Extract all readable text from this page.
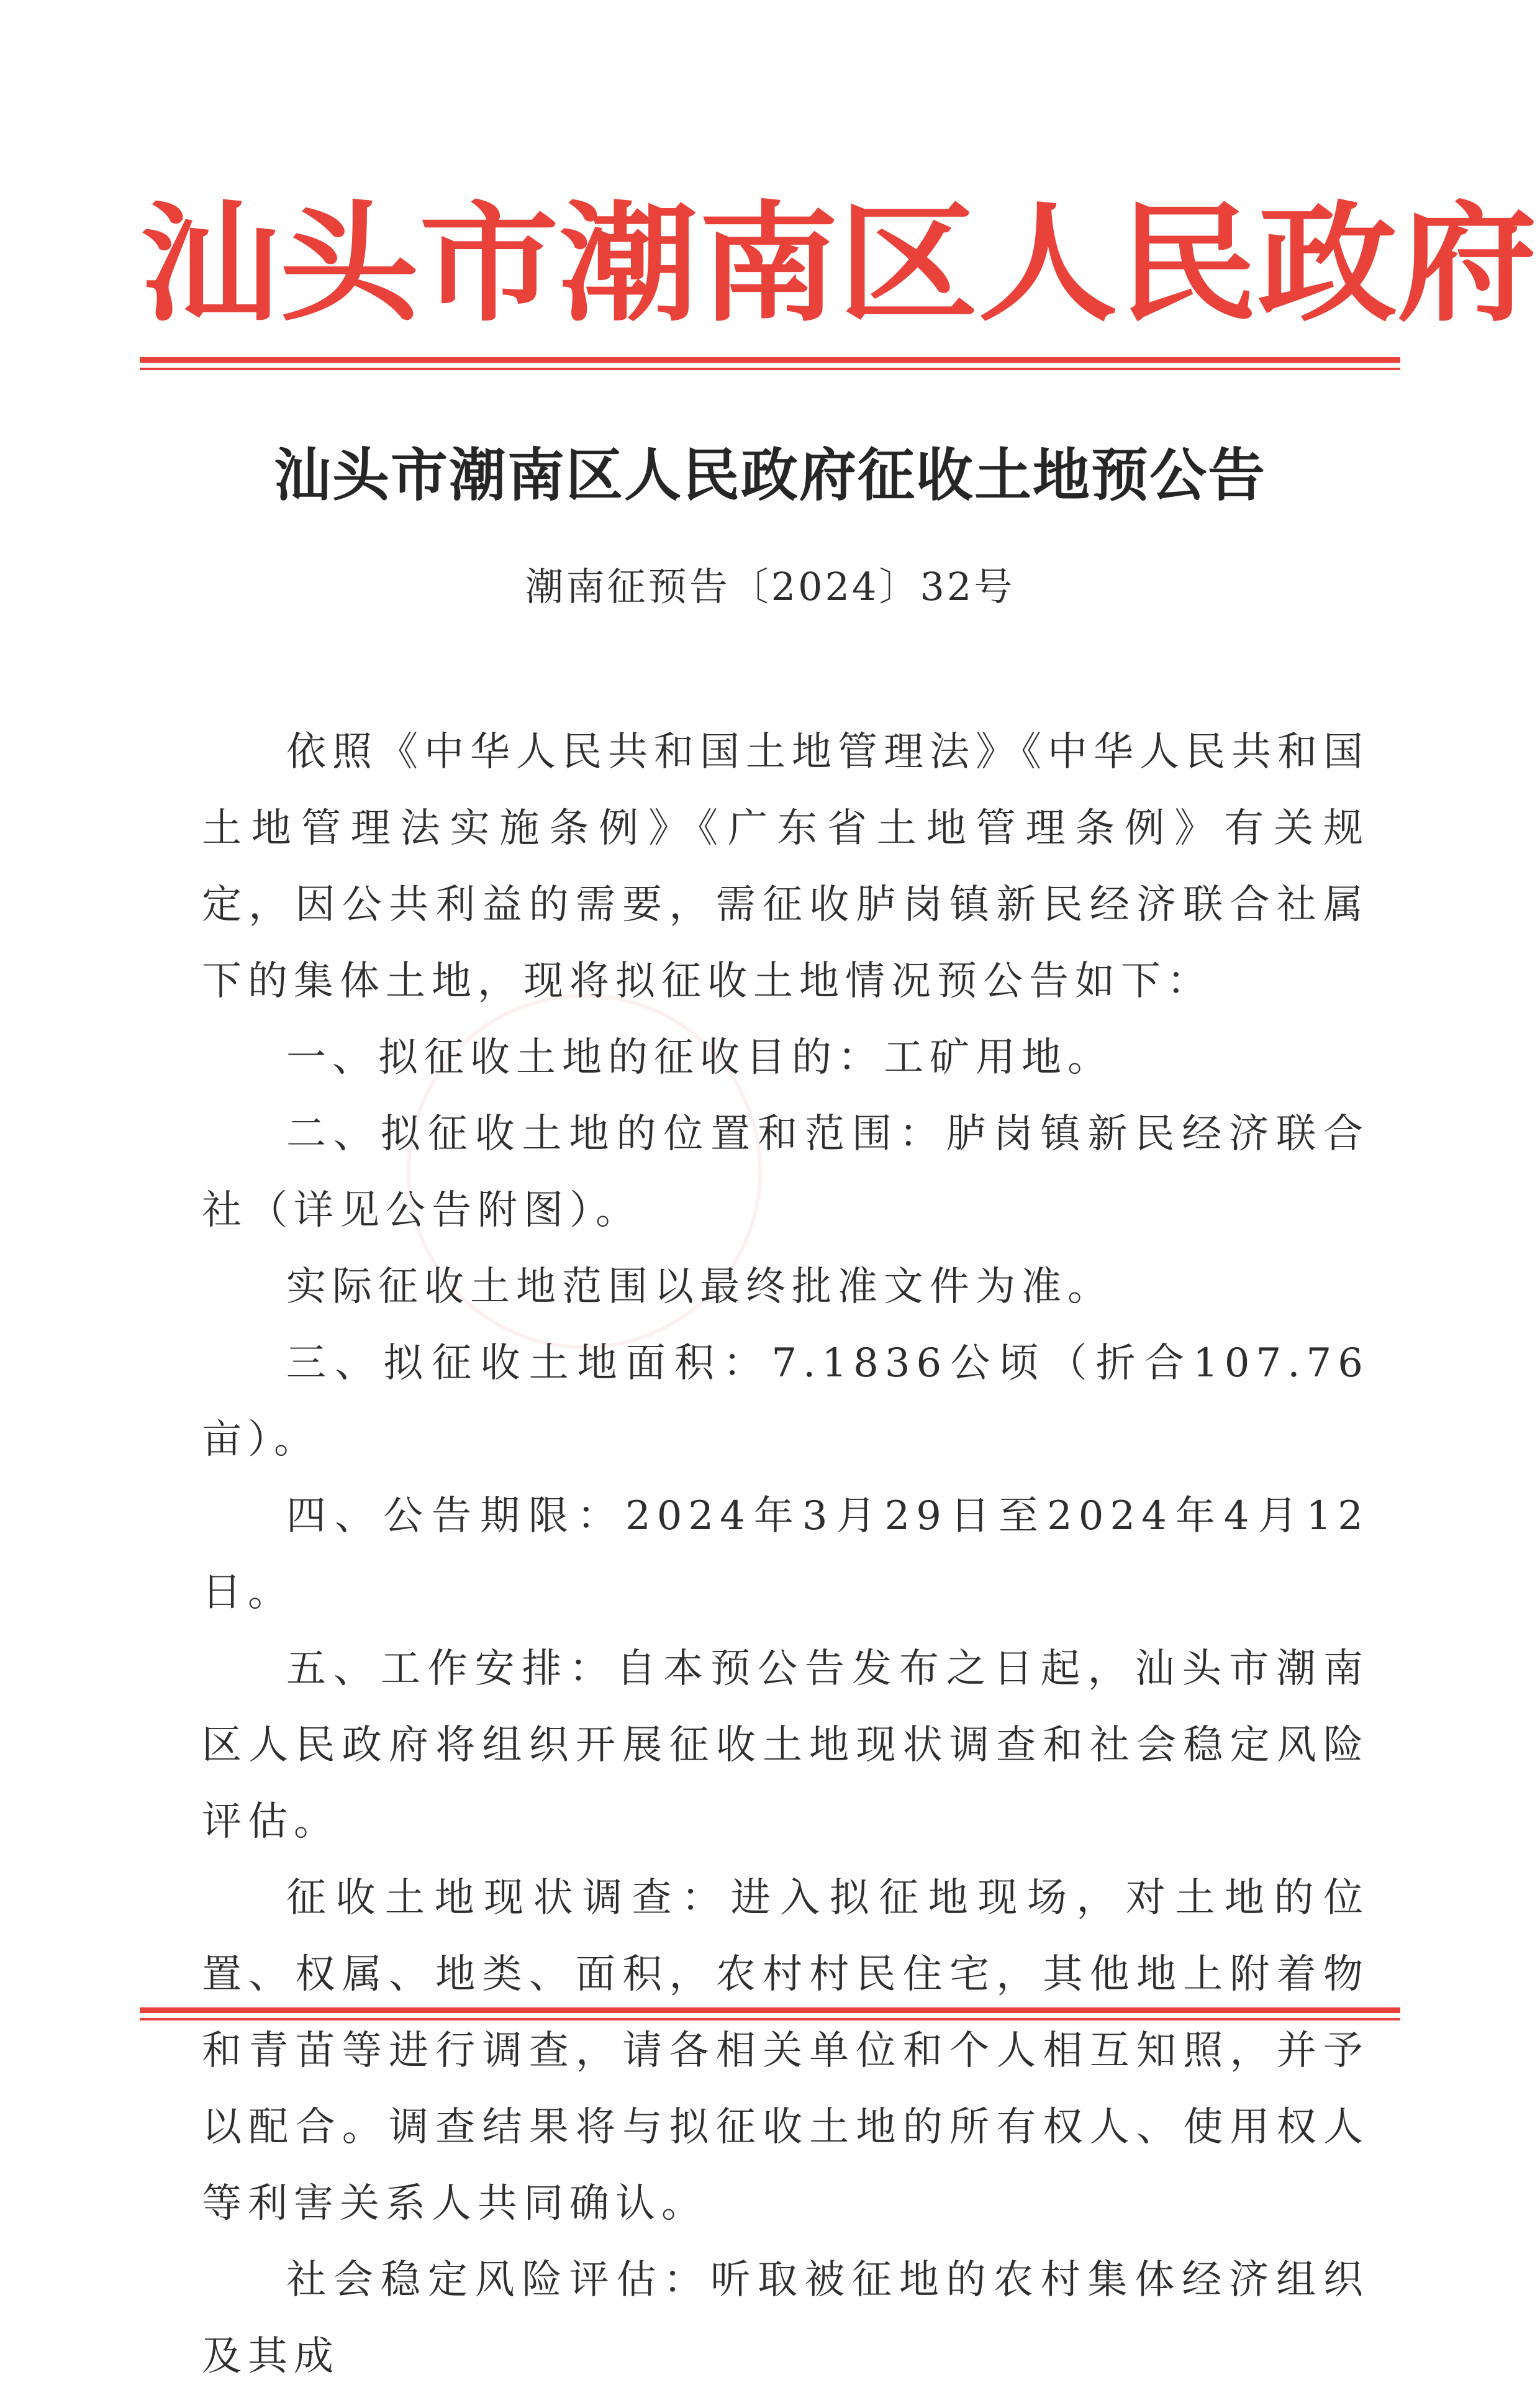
汕 头 市 潮 南 区 人 民 政 府
汕头市潮南区人民政府征收土地预公告
潮南征预告〔2024〕32号

依照《中华人民共和国土地管理法》《中华人民共和国土地管理法实施条例》《广东省土地管理条例》有关规定，因公共利益的需要，需征收胪岗镇新民经济联合社属下的集体土地，现将拟征收土地情况预公告如下：

一、拟征收土地的征收目的：工矿用地。

二、拟征收土地的位置和范围：胪岗镇新民经济联合社（详见公告附图）。

实际征收土地范围以最终批准文件为准。

三、拟征收土地面积：7.1836公顷（折合107.76亩）。

四、公告期限：2024年3月29日至2024年4月12日。

五、工作安排：自本预公告发布之日起，汕头市潮南区人民政府将组织开展征收土地现状调查和社会稳定风险评估。

征收土地现状调查：进入拟征地现场，对土地的位置、权属、地类、面积，农村村民住宅，其他地上附着物和青苗等进行调查，请各相关单位和个人相互知照，并予以配合。调查结果将与拟征收土地的所有权人、使用权人等利害关系人共同确认。

社会稳定风险评估：听取被征地的农村集体经济组织及其成
